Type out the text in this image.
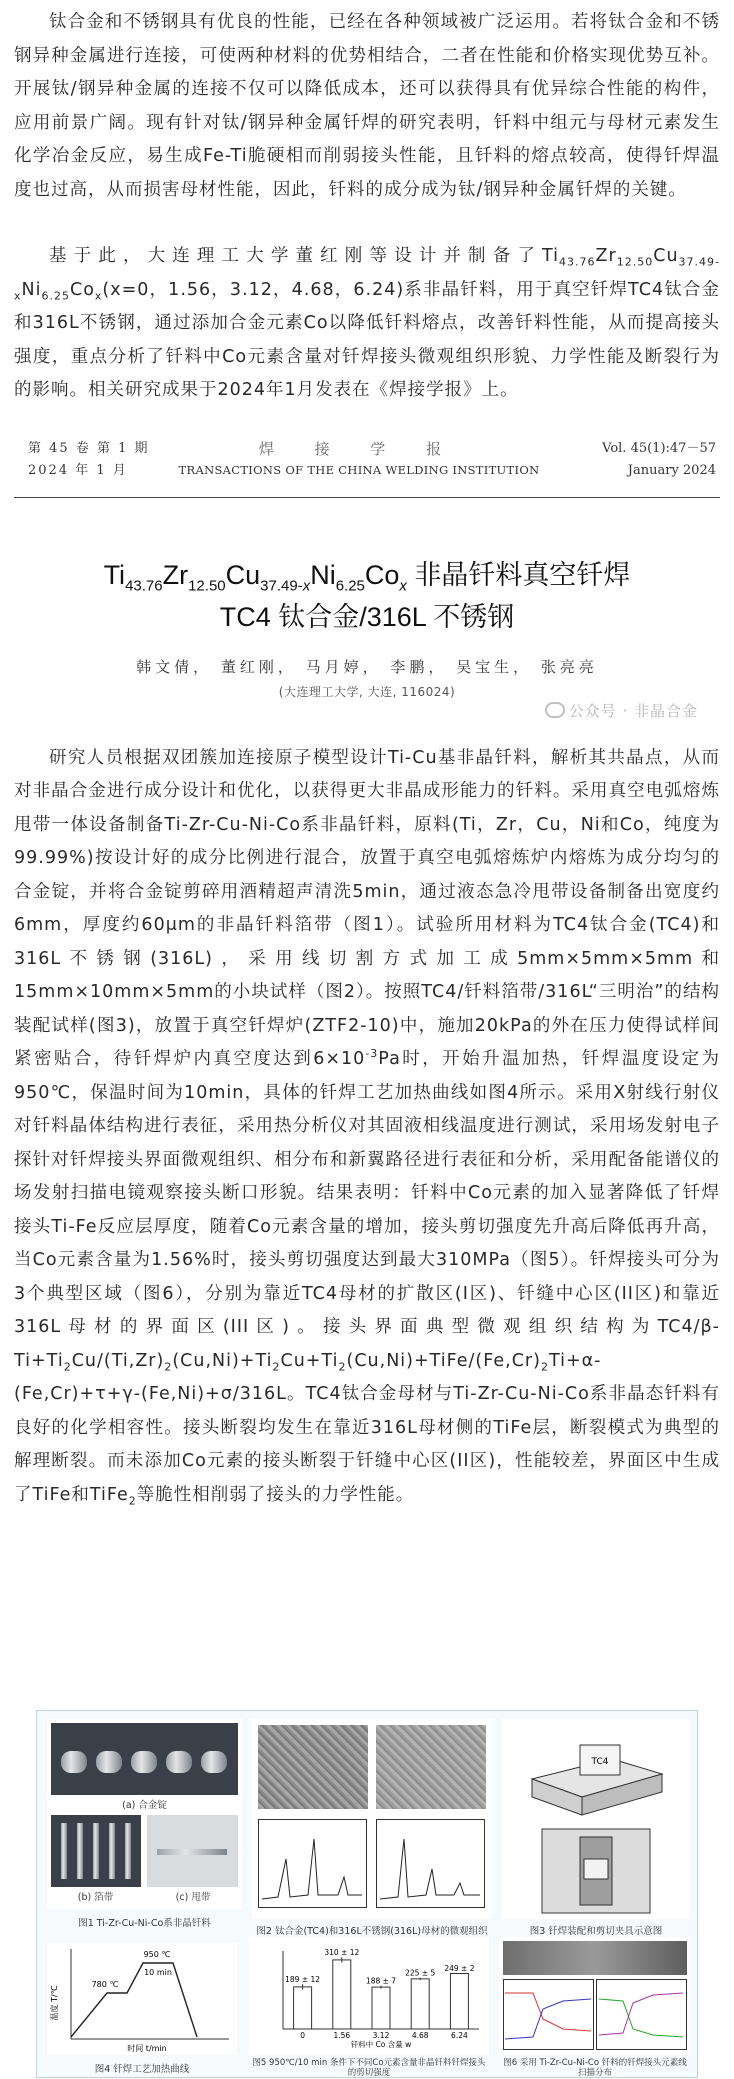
钛合金和不锈钢具有优良的性能，已经在各种领域被广泛运用。若将钛合金和不锈钢异种金属进行连接，可使两种材料的优势相结合，二者在性能和价格实现优势互补。开展钛/钢异种金属的连接不仅可以降低成本，还可以获得具有优异综合性能的构件，应用前景广阔。现有针对钛/钢异种金属钎焊的研究表明，钎料中组元与母材元素发生化学冶金反应，易生成Fe-Ti脆硬相而削弱接头性能，且钎料的熔点较高，使得钎焊温度也过高，从而损害母材性能，因此，钎料的成分成为钛/钢异种金属钎焊的关键。

基于此，大连理工大学董红刚等设计并制备了$Ti_{43.76}Zr_{12.50}Cu_{37.49-x}Ni_{6.25}Co_x(x=0$，1.56，3.12，4.68，6.24)系非晶钎料，用于真空钎焊TC4钛合金和316L不锈钢，通过添加合金元素Co以降低钎料熔点，改善钎料性能，从而提高接头强度，重点分析了钎料中Co元素含量对钎焊接头微观组织形貌、力学性能及断裂行为的影响。相关研究成果于2024年1月发表在《焊接学报》上。

第 45 卷 第 1 期
2024 年 1 月
焊 接 学 报
TRANSACTIONS OF THE CHINA WELDING INSTITUTION
Vol. 45(1):47－57
January 2024
$Ti_{43.76}Zr_{12.50}Cu_{37.49-x}Ni_{6.25}Co_x$ 非晶钎料真空钎焊
TC4 钛合金/316L 不锈钢
韩文倩， 董红刚， 马月婷， 李鹏， 吴宝生， 张亮亮
(大连理工大学, 大连, 116024)
公众号 · 非晶合金

研究人员根据双团簇加连接原子模型设计Ti-Cu基非晶钎料，解析其共晶点，从而对非晶合金进行成分设计和优化，以获得更大非晶成形能力的钎料。采用真空电弧熔炼甩带一体设备制备Ti-Zr-Cu-Ni-Co系非晶钎料，原料(Ti，Zr，Cu，Ni和Co，纯度为99.99%)按设计好的成分比例进行混合，放置于真空电弧熔炼炉内熔炼为成分均匀的合金锭，并将合金锭剪碎用酒精超声清洗5min，通过液态急冷甩带设备制备出宽度约6mm，厚度约60μm的非晶钎料箔带（图1）。试验所用材料为TC4钛合金(TC4)和316L不锈钢(316L)，采用线切割方式加工成5mm×5mm×5mm和15mm×10mm×5mm的小块试样（图2）。按照TC4/钎料箔带/316L“三明治”的结构装配试样(图3)，放置于真空钎焊炉(ZTF2-10)中，施加20kPa的外在压力使得试样间紧密贴合，待钎焊炉内真空度达到$6\times 10^{-3}Pa$时，开始升温加热，钎焊温度设定为950℃，保温时间为10min，具体的钎焊工艺加热曲线如图4所示。采用X射线行射仪对钎料晶体结构进行表征，采用热分析仪对其固液相线温度进行测试，采用场发射电子探针对钎焊接头界面微观组织、相分布和新翼路径进行表征和分析，采用配备能谱仪的场发射扫描电镜观察接头断口形貌。结果表明：钎料中Co元素的加入显著降低了钎焊接头Ti-Fe反应层厚度，随着Co元素含量的增加，接头剪切强度先升高后降低再升高，当Co元素含量为1.56%时，接头剪切强度达到最大310MPa（图5）。钎焊接头可分为3个典型区域（图6），分别为靠近TC4母材的扩散区(I区)、钎缝中心区(II区)和靠近316L母材的界面区(III区)。接头界面典型微观组织结构为$TC4/\beta-Ti+Ti_2Cu/(Ti,Zr)_2(Cu,Ni)+Ti_2Cu+Ti_2(Cu,Ni)+TiFe/(Fe,Cr)_2Ti+\alpha-(Fe,Cr)+\tau+\gamma-(Fe,Ni)+\sigma/316L$。TC4钛合金母材与Ti-Zr-Cu-Ni-Co系非晶态钎料有良好的化学相容性。接头断裂均发生在靠近316L母材侧的TiFe层，断裂模式为典型的解理断裂。而未添加Co元素的接头断裂于钎缝中心区(II区)，性能较差，界面区中生成了TiFe和TiFe$_2$等脆性相削弱了接头的力学性能。

(a) 合金锭
(b) 箔带	(c) 甩带
图1 Ti-Zr-Cu-Ni-Co系非晶钎料
图2 钛合金(TC4)和316L不锈钢(316L)母材的微观组织
TC4
图3 钎焊装配和剪切夹具示意图
950 ℃
10 min
780 ℃
时间 t/min
温度 T/℃
图4 钎焊工艺加热曲线
189 ± 12
0
310 ± 12
1.56
188 ± 7
3.12
225 ± 5
4.68
249 ± 2
6.24
钎料中 Co 含量 w
图5 950℃/10 min 条件下不同Co元素含量非晶钎料钎焊接头的剪切强度
图6 采用 Ti-Zr-Cu-Ni-Co 钎料的钎焊接头元素线扫描分布
